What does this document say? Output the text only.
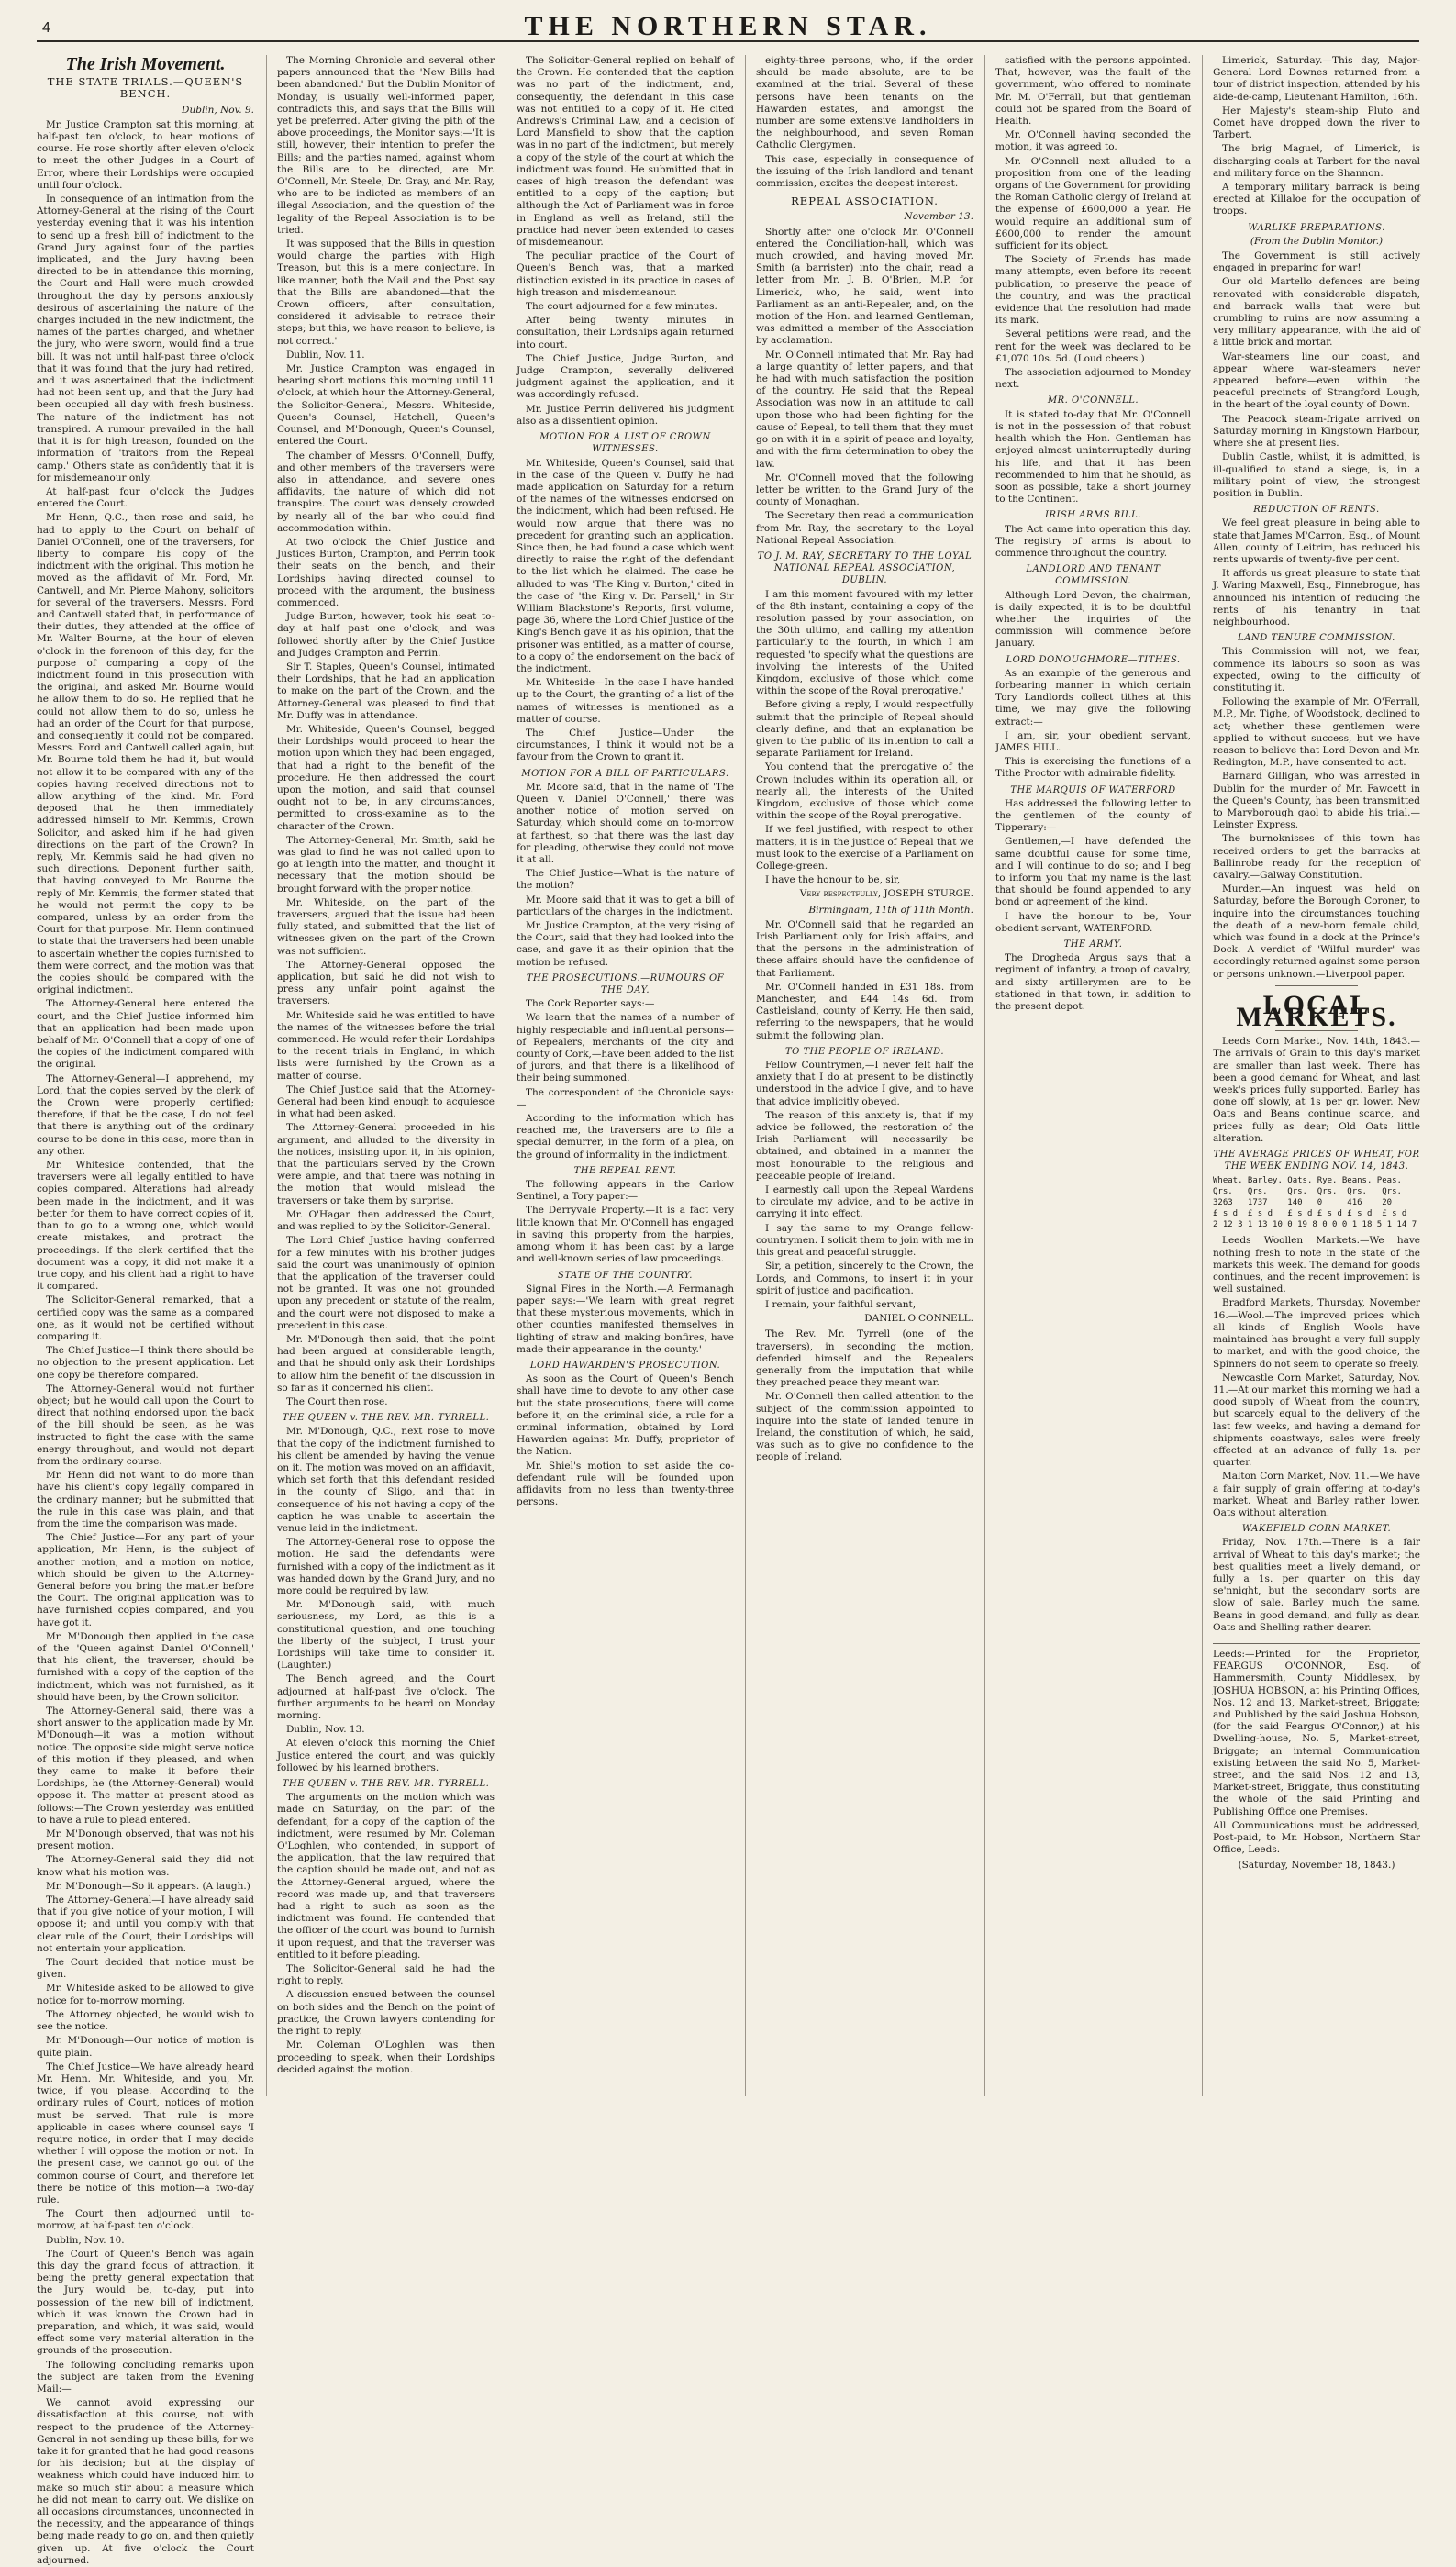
4	THE NORTHERN STAR.
The Irish Movement.
THE STATE TRIALS.—QUEEN'S BENCH.
Dublin, Nov. 9.

Mr. Justice Crampton sat this morning, at half-past ten o'clock, to hear motions of course. He rose shortly after eleven o'clock to meet the other Judges in a Court of Error, where their Lordships were occupied until four o'clock.

In consequence of an intimation from the Attorney-General at the rising of the Court yesterday evening that it was his intention to send up a fresh bill of indictment to the Grand Jury against four of the parties implicated, and the Jury having been directed to be in attendance this morning, the Court and Hall were much crowded throughout the day by persons anxiously desirous of ascertaining the nature of the charges included in the new indictment, the names of the parties charged, and whether the jury, who were sworn, would find a true bill. It was not until half-past three o'clock that it was found that the jury had retired, and it was ascertained that the indictment had not been sent up, and that the Jury had been occupied all day with fresh business. The nature of the indictment has not transpired. A rumour prevailed in the hall that it is for high treason, founded on the information of 'traitors from the Repeal camp.' Others state as confidently that it is for misdemeanour only.

At half-past four o'clock the Judges entered the Court.

Mr. Henn, Q.C., then rose and said, he had to apply to the Court on behalf of Daniel O'Connell, one of the traversers, for liberty to compare his copy of the indictment with the original. This motion he moved as the affidavit of Mr. Ford, Mr. Cantwell, and Mr. Pierce Mahony, solicitors for several of the traversers. Messrs. Ford and Cantwell stated that, in performance of their duties, they attended at the office of Mr. Walter Bourne, at the hour of eleven o'clock in the forenoon of this day, for the purpose of comparing a copy of the indictment found in this prosecution with the original, and asked Mr. Bourne would he allow them to do so. He replied that he could not allow them to do so, unless he had an order of the Court for that purpose, and consequently it could not be compared. Messrs. Ford and Cantwell called again, but Mr. Bourne told them he had it, but would not allow it to be compared with any of the copies having received directions not to allow anything of the kind. Mr. Ford deposed that he then immediately addressed himself to Mr. Kemmis, Crown Solicitor, and asked him if he had given directions on the part of the Crown? In reply, Mr. Kemmis said he had given no such directions. Deponent further saith, that having conveyed to Mr. Bourne the reply of Mr. Kemmis, the former stated that he would not permit the copy to be compared, unless by an order from the Court for that purpose. Mr. Henn continued to state that the traversers had been unable to ascertain whether the copies furnished to them were correct, and the motion was that the copies should be compared with the original indictment.

The Attorney-General here entered the court, and the Chief Justice informed him that an application had been made upon behalf of Mr. O'Connell that a copy of one of the copies of the indictment compared with the original.

The Attorney-General—I apprehend, my Lord, that the copies served by the clerk of the Crown were properly certified; therefore, if that be the case, I do not feel that there is anything out of the ordinary course to be done in this case, more than in any other.

Mr. Whiteside contended, that the traversers were all legally entitled to have copies compared. Alterations had already been made in the indictment, and it was better for them to have correct copies of it, than to go to a wrong one, which would create mistakes, and protract the proceedings. If the clerk certified that the document was a copy, it did not make it a true copy, and his client had a right to have it compared.

The Solicitor-General remarked, that a certified copy was the same as a compared one, as it would not be certified without comparing it.

The Chief Justice—I think there should be no objection to the present application. Let one copy be therefore compared.

The Attorney-General would not further object; but he would call upon the Court to direct that nothing endorsed upon the back of the bill should be seen, as he was instructed to fight the case with the same energy throughout, and would not depart from the ordinary course.

Mr. Henn did not want to do more than have his client's copy legally compared in the ordinary manner; but he submitted that the rule in this case was plain, and that from the time the comparison was made.

The Chief Justice—For any part of your application, Mr. Henn, is the subject of another motion, and a motion on notice, which should be given to the Attorney-General before you bring the matter before the Court. The original application was to have furnished copies compared, and you have got it.

Mr. M'Donough then applied in the case of the 'Queen against Daniel O'Connell,' that his client, the traverser, should be furnished with a copy of the caption of the indictment, which was not furnished, as it should have been, by the Crown solicitor.

The Attorney-General said, there was a short answer to the application made by Mr. M'Donough—it was a motion without notice. The opposite side might serve notice of this motion if they pleased, and when they came to make it before their Lordships, he (the Attorney-General) would oppose it. The matter at present stood as follows:—The Crown yesterday was entitled to have a rule to plead entered.

Mr. M'Donough observed, that was not his present motion.

The Attorney-General said they did not know what his motion was.

Mr. M'Donough—So it appears. (A laugh.)

The Attorney-General—I have already said that if you give notice of your motion, I will oppose it; and until you comply with that clear rule of the Court, their Lordships will not entertain your application.

The Court decided that notice must be given.

Mr. Whiteside asked to be allowed to give notice for to-morrow morning.

The Attorney objected, he would wish to see the notice.

Mr. M'Donough—Our notice of motion is quite plain.

The Chief Justice—We have already heard Mr. Henn. Mr. Whiteside, and you, Mr. twice, if you please. According to the ordinary rules of Court, notices of motion must be served. That rule is more applicable in cases where counsel says 'I require notice, in order that I may decide whether I will oppose the motion or not.' In the present case, we cannot go out of the common course of Court, and therefore let there be notice of this motion—a two-day rule.

The Court then adjourned until to-morrow, at half-past ten o'clock.

Dublin, Nov. 10.

The Court of Queen's Bench was again this day the grand focus of attraction, it being the pretty general expectation that the Jury would be, to-day, put into possession of the new bill of indictment, which it was known the Crown had in preparation, and which, it was said, would effect some very material alteration in the grounds of the prosecution.

The following concluding remarks upon the subject are taken from the Evening Mail:—

We cannot avoid expressing our dissatisfaction at this course, not with respect to the prudence of the Attorney-General in not sending up these bills, for we take it for granted that he had good reasons for his decision; but at the display of weakness which could have induced him to make so much stir about a measure which he did not mean to carry out. We dislike on all occasions circumstances, unconnected in the necessity, and the appearance of things being made ready to go on, and then quietly given up. At five o'clock the Court adjourned.

The Morning Chronicle and several other papers announced that the 'New Bills had been abandoned.' But the Dublin Monitor of Monday, is usually well-informed paper, contradicts this, and says that the Bills will yet be preferred. After giving the pith of the above proceedings, the Monitor says:—'It is still, however, their intention to prefer the Bills; and the parties named, against whom the Bills are to be directed, are Mr. O'Connell, Mr. Steele, Dr. Gray, and Mr. Ray, who are to be indicted as members of an illegal Association, and the question of the legality of the Repeal Association is to be tried.

It was supposed that the Bills in question would charge the parties with High Treason, but this is a mere conjecture. In like manner, both the Mail and the Post say that the Bills are abandoned—that the Crown officers, after consultation, considered it advisable to retrace their steps; but this, we have reason to believe, is not correct.'

Dublin, Nov. 11.

Mr. Justice Crampton was engaged in hearing short motions this morning until 11 o'clock, at which hour the Attorney-General, the Solicitor-General, Messrs. Whiteside, Queen's Counsel, Hatchell, Queen's Counsel, and M'Donough, Queen's Counsel, entered the Court.

The chamber of Messrs. O'Connell, Duffy, and other members of the traversers were also in attendance, and severe ones affidavits, the nature of which did not transpire. The court was densely crowded by nearly all of the bar who could find accommodation within.

At two o'clock the Chief Justice and Justices Burton, Crampton, and Perrin took their seats on the bench, and their Lordships having directed counsel to proceed with the argument, the business commenced.

Judge Burton, however, took his seat to-day at half past one o'clock, and was followed shortly after by the Chief Justice and Judges Crampton and Perrin.

Sir T. Staples, Queen's Counsel, intimated their Lordships, that he had an application to make on the part of the Crown, and the Attorney-General was pleased to find that Mr. Duffy was in attendance.

Mr. Whiteside, Queen's Counsel, begged their Lordships would proceed to hear the motion upon which they had been engaged, that had a right to the benefit of the procedure. He then addressed the court upon the motion, and said that counsel ought not to be, in any circumstances, permitted to cross-examine as to the character of the Crown.

The Attorney-General, Mr. Smith, said he was glad to find he was not called upon to go at length into the matter, and thought it necessary that the motion should be brought forward with the proper notice.

Mr. Whiteside, on the part of the traversers, argued that the issue had been fully stated, and submitted that the list of witnesses given on the part of the Crown was not sufficient.

The Attorney-General opposed the application, but said he did not wish to press any unfair point against the traversers.

Mr. Whiteside said he was entitled to have the names of the witnesses before the trial commenced. He would refer their Lordships to the recent trials in England, in which lists were furnished by the Crown as a matter of course.

The Chief Justice said that the Attorney-General had been kind enough to acquiesce in what had been asked.

The Attorney-General proceeded in his argument, and alluded to the diversity in the notices, insisting upon it, in his opinion, that the particulars served by the Crown were ample, and that there was nothing in the motion that would mislead the traversers or take them by surprise.

Mr. O'Hagan then addressed the Court, and was replied to by the Solicitor-General.

The Lord Chief Justice having conferred for a few minutes with his brother judges said the court was unanimously of opinion that the application of the traverser could not be granted. It was one not grounded upon any precedent or statute of the realm, and the court were not disposed to make a precedent in this case.

Mr. M'Donough then said, that the point had been argued at considerable length, and that he should only ask their Lordships to allow him the benefit of the discussion in so far as it concerned his client.

The Court then rose.

THE QUEEN v. THE REV. MR. TYRRELL.

Mr. M'Donough, Q.C., next rose to move that the copy of the indictment furnished to his client be amended by having the venue on it. The motion was moved on an affidavit, which set forth that this defendant resided in the county of Sligo, and that in consequence of his not having a copy of the caption he was unable to ascertain the venue laid in the indictment.

The Attorney-General rose to oppose the motion. He said the defendants were furnished with a copy of the indictment as it was handed down by the Grand Jury, and no more could be required by law.

Mr. M'Donough said, with much seriousness, my Lord, as this is a constitutional question, and one touching the liberty of the subject, I trust your Lordships will take time to consider it. (Laughter.)

The Bench agreed, and the Court adjourned at half-past five o'clock. The further arguments to be heard on Monday morning.

Dublin, Nov. 13.

At eleven o'clock this morning the Chief Justice entered the court, and was quickly followed by his learned brothers.

THE QUEEN v. THE REV. MR. TYRRELL.

The arguments on the motion which was made on Saturday, on the part of the defendant, for a copy of the caption of the indictment, were resumed by Mr. Coleman O'Loghlen, who contended, in support of the application, that the law required that the caption should be made out, and not as the Attorney-General argued, where the record was made up, and that traversers had a right to such as soon as the indictment was found. He contended that the officer of the court was bound to furnish it upon request, and that the traverser was entitled to it before pleading.

The Solicitor-General said he had the right to reply.

A discussion ensued between the counsel on both sides and the Bench on the point of practice, the Crown lawyers contending for the right to reply.

Mr. Coleman O'Loghlen was then proceeding to speak, when their Lordships decided against the motion.

The Solicitor-General replied on behalf of the Crown. He contended that the caption was no part of the indictment, and, consequently, the defendant in this case was not entitled to a copy of it. He cited Andrews's Criminal Law, and a decision of Lord Mansfield to show that the caption was in no part of the indictment, but merely a copy of the style of the court at which the indictment was found. He submitted that in cases of high treason the defendant was entitled to a copy of the caption; but although the Act of Parliament was in force in England as well as Ireland, still the practice had never been extended to cases of misdemeanour.

The peculiar practice of the Court of Queen's Bench was, that a marked distinction existed in its practice in cases of high treason and misdemeanour.

The court adjourned for a few minutes.

After being twenty minutes in consultation, their Lordships again returned into court.

The Chief Justice, Judge Burton, and Judge Crampton, severally delivered judgment against the application, and it was accordingly refused.

Mr. Justice Perrin delivered his judgment also as a dissentient opinion.

MOTION FOR A LIST OF CROWN WITNESSES.

Mr. Whiteside, Queen's Counsel, said that in the case of the Queen v. Duffy he had made application on Saturday for a return of the names of the witnesses endorsed on the indictment, which had been refused. He would now argue that there was no precedent for granting such an application. Since then, he had found a case which went directly to raise the right of the defendant to the list which he claimed. The case he alluded to was 'The King v. Burton,' cited in the case of 'the King v. Dr. Parsell,' in Sir William Blackstone's Reports, first volume, page 36, where the Lord Chief Justice of the King's Bench gave it as his opinion, that the prisoner was entitled, as a matter of course, to a copy of the endorsement on the back of the indictment.

Mr. Whiteside—In the case I have handed up to the Court, the granting of a list of the names of witnesses is mentioned as a matter of course.

The Chief Justice—Under the circumstances, I think it would not be a favour from the Crown to grant it.

MOTION FOR A BILL OF PARTICULARS.

Mr. Moore said, that in the name of 'The Queen v. Daniel O'Connell,' there was another notice of motion served on Saturday, which should come on to-morrow at farthest, so that there was the last day for pleading, otherwise they could not move it at all.

The Chief Justice—What is the nature of the motion?

Mr. Moore said that it was to get a bill of particulars of the charges in the indictment.

Mr. Justice Crampton, at the very rising of the Court, said that they had looked into the case, and gave it as their opinion that the motion be refused.

THE PROSECUTIONS.—RUMOURS OF THE DAY.

The Cork Reporter says:—

We learn that the names of a number of highly respectable and influential persons—of Repealers, merchants of the city and county of Cork,—have been added to the list of jurors, and that there is a likelihood of their being summoned.

The correspondent of the Chronicle says:—

According to the information which has reached me, the traversers are to file a special demurrer, in the form of a plea, on the ground of informality in the indictment.

THE REPEAL RENT.

The following appears in the Carlow Sentinel, a Tory paper:—

The Derryvale Property.—It is a fact very little known that Mr. O'Connell has engaged in saving this property from the harpies, among whom it has been cast by a large and well-known series of law proceedings.

STATE OF THE COUNTRY.

Signal Fires in the North.—A Fermanagh paper says:—'We learn with great regret that these mysterious movements, which in other counties manifested themselves in lighting of straw and making bonfires, have made their appearance in the county.'

LORD HAWARDEN'S PROSECUTION.

As soon as the Court of Queen's Bench shall have time to devote to any other case but the state prosecutions, there will come before it, on the criminal side, a rule for a criminal information, obtained by Lord Hawarden against Mr. Duffy, proprietor of the Nation.

Mr. Shiel's motion to set aside the co-defendant rule will be founded upon affidavits from no less than twenty-three persons.

eighty-three persons, who, if the order should be made absolute, are to be examined at the trial. Several of these persons have been tenants on the Hawarden estates, and amongst the number are some extensive landholders in the neighbourhood, and seven Roman Catholic Clergymen.

This case, especially in consequence of the issuing of the Irish landlord and tenant commission, excites the deepest interest.

REPEAL ASSOCIATION.
November 13.

Shortly after one o'clock Mr. O'Connell entered the Conciliation-hall, which was much crowded, and having moved Mr. Smith (a barrister) into the chair, read a letter from Mr. J. B. O'Brien, M.P. for Limerick, who, he said, went into Parliament as an anti-Repealer, and, on the motion of the Hon. and learned Gentleman, was admitted a member of the Association by acclamation.

Mr. O'Connell intimated that Mr. Ray had a large quantity of letter papers, and that he had with much satisfaction the position of the country. He said that the Repeal Association was now in an attitude to call upon those who had been fighting for the cause of Repeal, to tell them that they must go on with it in a spirit of peace and loyalty, and with the firm determination to obey the law.

Mr. O'Connell moved that the following letter be written to the Grand Jury of the county of Monaghan.

The Secretary then read a communication from Mr. Ray, the secretary to the Loyal National Repeal Association.

TO J. M. RAY, SECRETARY TO THE LOYAL NATIONAL REPEAL ASSOCIATION, DUBLIN.

I am this moment favoured with my letter of the 8th instant, containing a copy of the resolution passed by your association, on the 30th ultimo, and calling my attention particularly to the fourth, in which I am requested 'to specify what the questions are involving the interests of the United Kingdom, exclusive of those which come within the scope of the Royal prerogative.'

Before giving a reply, I would respectfully submit that the principle of Repeal should clearly define, and that an explanation be given to the public of its intention to call a separate Parliament for Ireland.

You contend that the prerogative of the Crown includes within its operation all, or nearly all, the interests of the United Kingdom, exclusive of those which come within the scope of the Royal prerogative.

If we feel justified, with respect to other matters, it is in the justice of Repeal that we must look to the exercise of a Parliament on College-green.

I have the honour to be, sir,

Very respectfully, JOSEPH STURGE.
Birmingham, 11th of 11th Month.

Mr. O'Connell said that he regarded an Irish Parliament only for Irish affairs, and that the persons in the administration of these affairs should have the confidence of that Parliament.

Mr. O'Connell handed in £31 18s. from Manchester, and £44 14s 6d. from Castleisland, county of Kerry. He then said, referring to the newspapers, that he would submit the following plan.

TO THE PEOPLE OF IRELAND.

Fellow Countrymen,—I never felt half the anxiety that I do at present to be distinctly understood in the advice I give, and to have that advice implicitly obeyed.

The reason of this anxiety is, that if my advice be followed, the restoration of the Irish Parliament will necessarily be obtained, and obtained in a manner the most honourable to the religious and peaceable people of Ireland.

I earnestly call upon the Repeal Wardens to circulate my advice, and to be active in carrying it into effect.

I say the same to my Orange fellow-countrymen. I solicit them to join with me in this great and peaceful struggle.

Sir, a petition, sincerely to the Crown, the Lords, and Commons, to insert it in your spirit of justice and pacification.

I remain, your faithful servant,

DANIEL O'CONNELL.

The Rev. Mr. Tyrrell (one of the traversers), in seconding the motion, defended himself and the Repealers generally from the imputation that while they preached peace they meant war.

Mr. O'Connell then called attention to the subject of the commission appointed to inquire into the state of landed tenure in Ireland, the constitution of which, he said, was such as to give no confidence to the people of Ireland.

satisfied with the persons appointed. That, however, was the fault of the government, who offered to nominate Mr. M. O'Ferrall, but that gentleman could not be spared from the Board of Health.

Mr. O'Connell having seconded the motion, it was agreed to.

Mr. O'Connell next alluded to a proposition from one of the leading organs of the Government for providing the Roman Catholic clergy of Ireland at the expense of £600,000 a year. He would require an additional sum of £600,000 to render the amount sufficient for its object.

The Society of Friends has made many attempts, even before its recent publication, to preserve the peace of the country, and was the practical evidence that the resolution had made its mark.

Several petitions were read, and the rent for the week was declared to be £1,070 10s. 5d. (Loud cheers.)

The association adjourned to Monday next.

MR. O'CONNELL.

It is stated to-day that Mr. O'Connell is not in the possession of that robust health which the Hon. Gentleman has enjoyed almost uninterruptedly during his life, and that it has been recommended to him that he should, as soon as possible, take a short journey to the Continent.

IRISH ARMS BILL.

The Act came into operation this day. The registry of arms is about to commence throughout the country.

LANDLORD AND TENANT COMMISSION.

Although Lord Devon, the chairman, is daily expected, it is to be doubtful whether the inquiries of the commission will commence before January.

LORD DONOUGHMORE—TITHES.

As an example of the generous and forbearing manner in which certain Tory Landlords collect tithes at this time, we may give the following extract:—

I am, sir, your obedient servant, JAMES HILL.

This is exercising the functions of a Tithe Proctor with admirable fidelity.

THE MARQUIS OF WATERFORD

Has addressed the following letter to the gentlemen of the county of Tipperary:—

Gentlemen,—I have defended the same doubtful cause for some time, and I will continue to do so; and I beg to inform you that my name is the last that should be found appended to any bond or agreement of the kind.

I have the honour to be, Your obedient servant, WATERFORD.

THE ARMY.

The Drogheda Argus says that a regiment of infantry, a troop of cavalry, and sixty artillerymen are to be stationed in that town, in addition to the present depot.

Limerick, Saturday.—This day, Major-General Lord Downes returned from a tour of district inspection, attended by his aide-de-camp, Lieutenant Hamilton, 16th.

Her Majesty's steam-ship Pluto and Comet have dropped down the river to Tarbert.

The brig Maguel, of Limerick, is discharging coals at Tarbert for the naval and military force on the Shannon.

A temporary military barrack is being erected at Killaloe for the occupation of troops.

WARLIKE PREPARATIONS.
(From the Dublin Monitor.)

The Government is still actively engaged in preparing for war!

Our old Martello defences are being renovated with considerable dispatch, and barrack walls that were but crumbling to ruins are now assuming a very military appearance, with the aid of a little brick and mortar.

War-steamers line our coast, and appear where war-steamers never appeared before—even within the peaceful precincts of Strangford Lough, in the heart of the loyal county of Down.

The Peacock steam-frigate arrived on Saturday morning in Kingstown Harbour, where she at present lies.

Dublin Castle, whilst, it is admitted, is ill-qualified to stand a siege, is, in a military point of view, the strongest position in Dublin.

REDUCTION OF RENTS.

We feel great pleasure in being able to state that James M'Carron, Esq., of Mount Allen, county of Leitrim, has reduced his rents upwards of twenty-five per cent.

It affords us great pleasure to state that J. Waring Maxwell, Esq., Finnebrogue, has announced his intention of reducing the rents of his tenantry in that neighbourhood.

LAND TENURE COMMISSION.

This Commission will not, we fear, commence its labours so soon as was expected, owing to the difficulty of constituting it.

Following the example of Mr. O'Ferrall, M.P., Mr. Tighe, of Woodstock, declined to act; whether these gentlemen were applied to without success, but we have reason to believe that Lord Devon and Mr. Redington, M.P., have consented to act.

Barnard Gilligan, who was arrested in Dublin for the murder of Mr. Fawcett in the Queen's County, has been transmitted to Maryborough gaol to abide his trial.—Leinster Express.

The burnoknisses of this town has received orders to get the barracks at Ballinrobe ready for the reception of cavalry.—Galway Constitution.

Murder.—An inquest was held on Saturday, before the Borough Coroner, to inquire into the circumstances touching the death of a new-born female child, which was found in a dock at the Prince's Dock. A verdict of 'Wilful murder' was accordingly returned against some person or persons unknown.—Liverpool paper.

LOCAL MARKETS.

Leeds Corn Market, Nov. 14th, 1843.—The arrivals of Grain to this day's market are smaller than last week. There has been a good demand for Wheat, and last week's prices fully supported. Barley has gone off slowly, at 1s per qr. lower. New Oats and Beans continue scarce, and prices fully as dear; Old Oats little alteration.

THE AVERAGE PRICES OF WHEAT, FOR THE WEEK ENDING NOV. 14, 1843.
Wheat. Barley. Oats. Rye. Beans. Peas.
Qrs.   Qrs.    Qrs.  Qrs.  Qrs.   Qrs.
3263   1737    140   0     416    20
£ s d  £ s d   £ s d £ s d £ s d  £ s d
2 12 3 1 13 10 0 19 8 0 0 0 1 18 5 1 14 7

Leeds Woollen Markets.—We have nothing fresh to note in the state of the markets this week. The demand for goods continues, and the recent improvement is well sustained.

Bradford Markets, Thursday, November 16.—Wool.—The improved prices which all kinds of English Wools have maintained has brought a very full supply to market, and with the good choice, the Spinners do not seem to operate so freely.

Newcastle Corn Market, Saturday, Nov. 11.—At our market this morning we had a good supply of Wheat from the country, but scarcely equal to the delivery of the last few weeks, and having a demand for shipments coastways, sales were freely effected at an advance of fully 1s. per quarter.

Malton Corn Market, Nov. 11.—We have a fair supply of grain offering at to-day's market. Wheat and Barley rather lower. Oats without alteration.

WAKEFIELD CORN MARKET.

Friday, Nov. 17th.—There is a fair arrival of Wheat to this day's market; the best qualities meet a lively demand, or fully a 1s. per quarter on this day se'nnight, but the secondary sorts are slow of sale. Barley much the same. Beans in good demand, and fully as dear. Oats and Shelling rather dearer.

Leeds:—Printed for the Proprietor, FEARGUS O'CONNOR, Esq. of Hammersmith, County Middlesex, by JOSHUA HOBSON, at his Printing Offices, Nos. 12 and 13, Market-street, Briggate; and Published by the said Joshua Hobson, (for the said Feargus O'Connor,) at his Dwelling-house, No. 5, Market-street, Briggate; an internal Communication existing between the said No. 5, Market-street, and the said Nos. 12 and 13, Market-street, Briggate, thus constituting the whole of the said Printing and Publishing Office one Premises.

All Communications must be addressed, Post-paid, to Mr. Hobson, Northern Star Office, Leeds.

(Saturday, November 18, 1843.)
